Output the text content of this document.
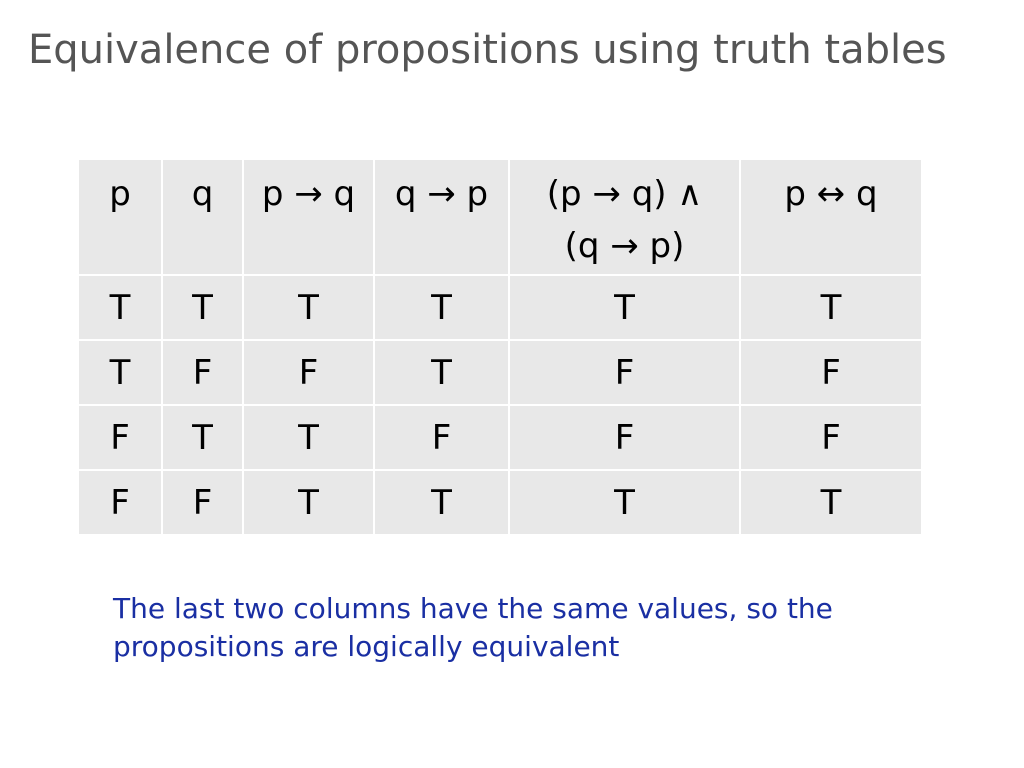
Equivalence of propositions using truth tables
p	q	p → q	q → p	(p → q) ∧ (q → p)	p ↔ q
T	T	T	T	T	T
T	F	F	T	F	F
F	T	T	F	F	F
F	F	T	T	T	T
The last two columns have the same values, so the propositions are logically equivalent
